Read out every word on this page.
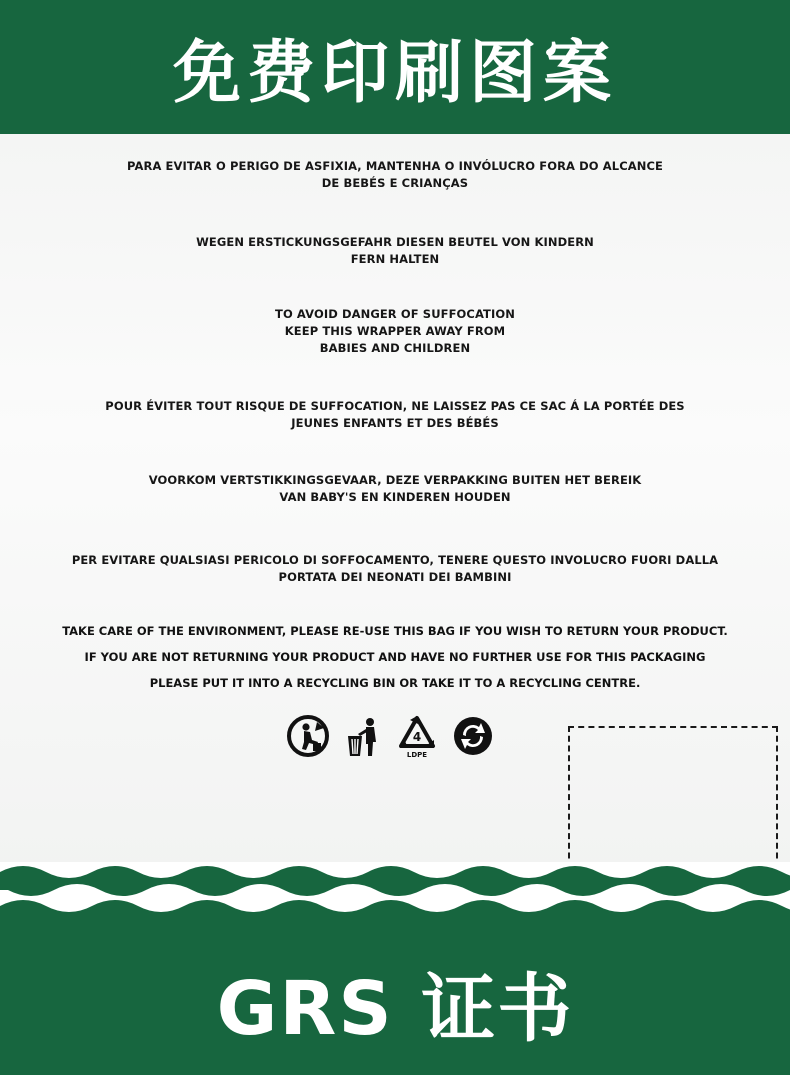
免费印刷图案
PARA EVITAR O PERIGO DE ASFIXIA, MANTENHA O INVÓLUCRO FORA DO ALCANCE
DE BEBÉS E CRIANÇAS
WEGEN ERSTICKUNGSGEFAHR DIESEN BEUTEL VON KINDERN
FERN HALTEN
TO AVOID DANGER OF SUFFOCATION
KEEP THIS WRAPPER AWAY FROM
BABIES AND CHILDREN
POUR ÉVITER TOUT RISQUE DE SUFFOCATION, NE LAISSEZ PAS CE SAC Á LA PORTÉE DES
JEUNES ENFANTS ET DES BÉBÉS
VOORKOM VERTSTIKKINGSGEVAAR, DEZE VERPAKKING BUITEN HET BEREIK
VAN BABY'S EN KINDEREN HOUDEN
PER EVITARE QUALSIASI PERICOLO DI SOFFOCAMENTO, TENERE QUESTO INVOLUCRO FUORI DALLA
PORTATA DEI NEONATI DEI BAMBINI
TAKE CARE OF THE ENVIRONMENT, PLEASE RE-USE THIS BAG IF YOU WISH TO RETURN YOUR PRODUCT.
IF YOU ARE NOT RETURNING YOUR PRODUCT AND HAVE NO FURTHER USE FOR THIS PACKAGING
PLEASE PUT IT INTO A RECYCLING BIN OR TAKE IT TO A RECYCLING CENTRE.
4
LDPE
GRS 证书
